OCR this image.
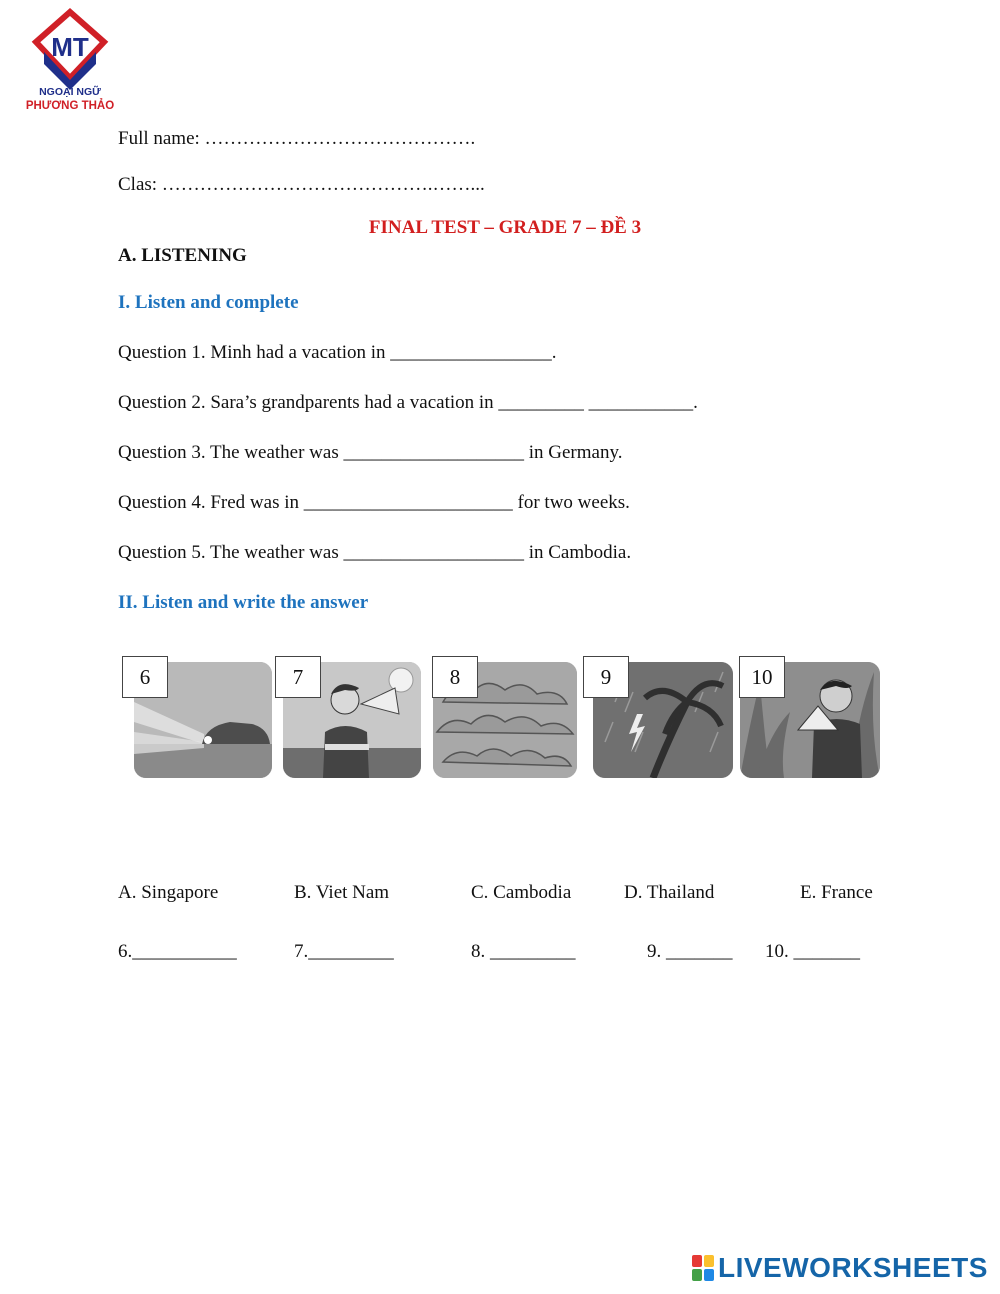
MT
NGOẠI NGỮ
PHƯƠNG THẢO
Full name: …………………………………….
Clas: …………………………………….……...
FINAL TEST – GRADE 7 – ĐỀ 3
A. LISTENING
I. Listen and complete
Question 1. Minh had a vacation in _________________.
Question 2. Sara’s grandparents had a vacation in _________ ___________.
Question 3. The weather was ___________________ in Germany.
Question 4. Fred was in ______________________ for two weeks.
Question 5. The weather was ___________________ in Cambodia.
II. Listen and write the answer
6	7	8	9	10
A. Singapore	B. Viet Nam	C. Cambodia	D. Thailand	E. France
6.___________	7._________	8. _________	9. _______ 10. _______
LIVEWORKSHEETS
